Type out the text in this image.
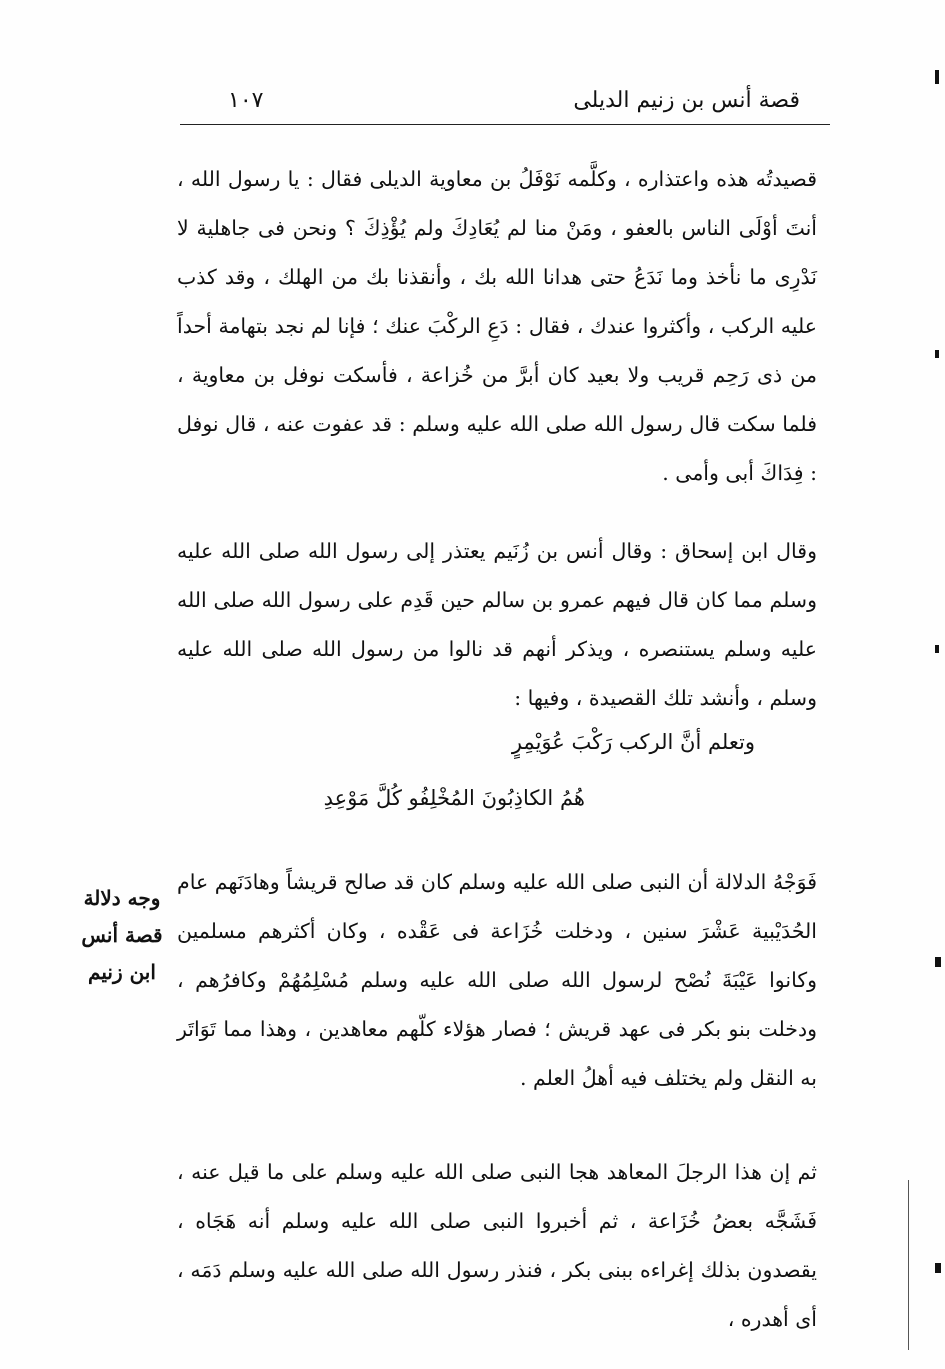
قصة أنس بن زنيم الديلى
١٠٧

قصيدتُه هذه واعتذاره ، وكلَّمه نَوْفَلُ بن معاوية الديلى فقال : يا رسول الله ، أنتَ أوْلَى الناس بالعفو ، ومَنْ منا لم يُعَادِكَ ولم يُؤْذِكَ ؟ ونحن فى جاهلية لا نَدْرِى ما نأخذ وما نَدَعُ حتى هدانا الله بك ، وأنقذنا بك من الهلك ، وقد كذب عليه الركب ، وأكثروا عندك ، فقال : دَعِ الركْبَ عنك ؛ فإنا لم نجد بتهامة أحداً من ذى رَحِم قريب ولا بعيد كان أبرَّ من خُزاعة ، فأسكت نوفل بن معاوية ، فلما سكت قال رسول الله صلى الله عليه وسلم : قد عفوت عنه ، قال نوفل : فِدَاكَ أبى وأمى .

وقال ابن إسحاق : وقال أنس بن زُنَيم يعتذر إلى رسول الله صلى الله عليه وسلم مما كان قال فيهم عمرو بن سالم حين قَدِم على رسول الله صلى الله عليه وسلم يستنصره ، ويذكر أنهم قد نالوا من رسول الله صلى الله عليه وسلم ، وأنشد تلك القصيدة ، وفيها :

وتعلم أنَّ الركب رَكْبَ عُوَيْمِرٍ

هُمُ الكاذِبُونَ المُخْلِفُو كُلَّ مَوْعِدِ

فَوَجْهُ الدلالة أن النبى صلى الله عليه وسلم كان قد صالح قريشاً وهادَنَهم عام الحُدَيْبية عَشْرَ سنين ، ودخلت خُزَاعة فى عَقْده ، وكان أكثرهم مسلمين وكانوا عَيْبَةَ نُصْح لرسول الله صلى الله عليه وسلم مُسْلِمُهُمْ وكافرُهم ، ودخلت بنو بكر فى عهد قريش ؛ فصار هؤلاء كلّهم معاهدين ، وهذا مما تَوَاتَر به النقل ولم يختلف فيه أهلُ العلم .

وجه دلالة
قصة أنس
ابن زنيم

ثم إن هذا الرجلَ المعاهد هجا النبى صلى الله عليه وسلم على ما قيل عنه ، فَشَجَّه بعضُ خُزَاعة ، ثم أخبروا النبى صلى الله عليه وسلم أنه هَجَاه ، يقصدون بذلك إغراءه ببنى بكر ، فنذر رسول الله صلى الله عليه وسلم دَمَه ، أى أهدره ،
